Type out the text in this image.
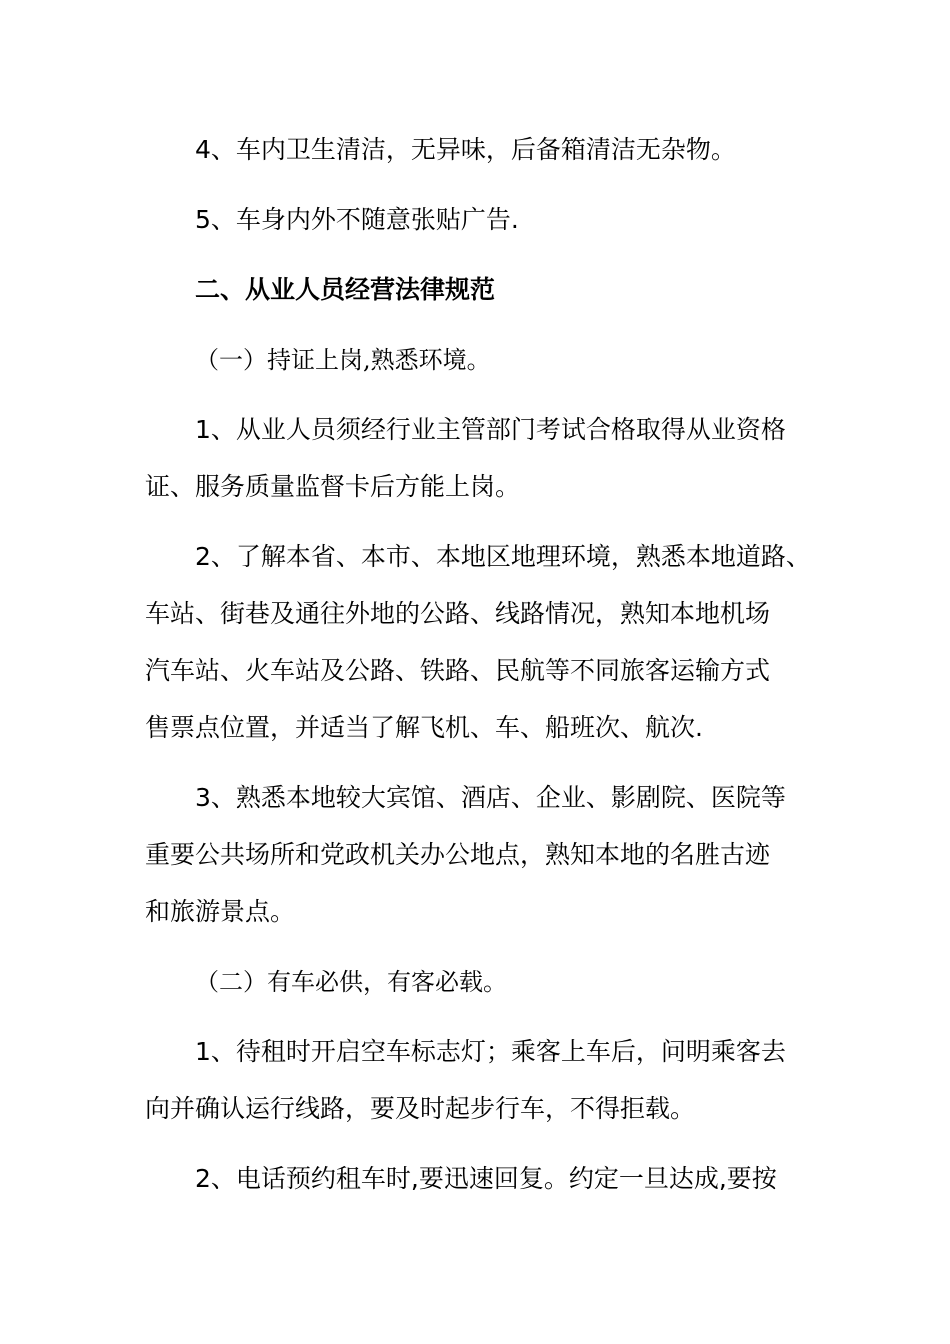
4、车内卫生清洁，无异味，后备箱清洁无杂物。
5、车身内外不随意张贴广告.
二、从业人员经营法律规范
（一）持证上岗,熟悉环境。
1、从业人员须经行业主管部门考试合格取得从业资格
证、服务质量监督卡后方能上岗。
2、了解本省、本市、本地区地理环境，熟悉本地道路、
车站、街巷及通往外地的公路、线路情况，熟知本地机场
汽车站、火车站及公路、铁路、民航等不同旅客运输方式
售票点位置，并适当了解飞机、车、船班次、航次.
3、熟悉本地较大宾馆、酒店、企业、影剧院、医院等
重要公共场所和党政机关办公地点，熟知本地的名胜古迹
和旅游景点。
（二）有车必供，有客必载。
1、待租时开启空车标志灯；乘客上车后，问明乘客去
向并确认运行线路，要及时起步行车，不得拒载。
2、电话预约租车时,要迅速回复。约定一旦达成,要按
